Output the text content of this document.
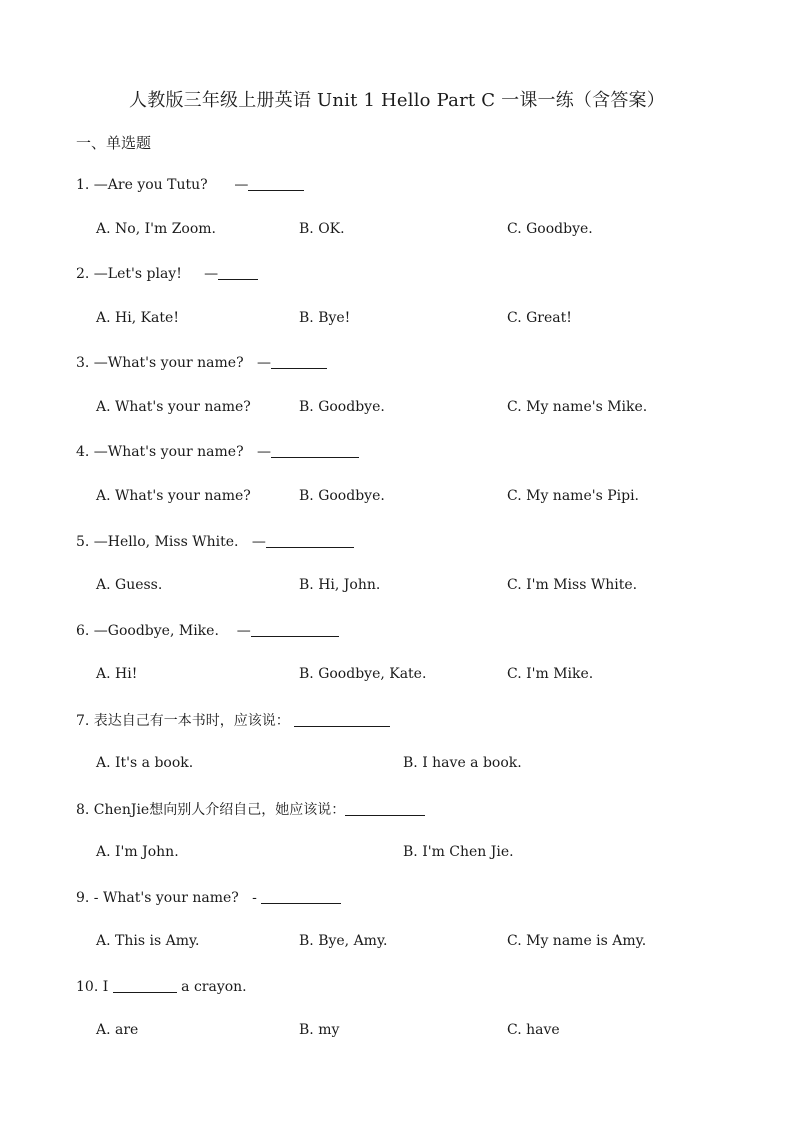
人教版三年级上册英语 Unit 1 Hello Part C 一课一练（含答案）
一、单选题
1. —Are you Tutu?      —
A. No, I'm Zoom.	B. OK.	C. Goodbye.
2. —Let's play!     —
A. Hi, Kate!	B. Bye!	C. Great!
3. —What's your name?   —
A. What's your name?	B. Goodbye.	C. My name's Mike.
4. —What's your name?   —
A. What's your name?	B. Goodbye.	C. My name's Pipi.
5. —Hello, Miss White.   —
A. Guess.	B. Hi, John.	C. I'm Miss White.
6. —Goodbye, Mike.    —
A. Hi!	B. Goodbye, Kate.	C. I'm Mike.
7. 表达自己有一本书时，应该说：
A. It's a book.	B. I have a book.
8. ChenJie想向别人介绍自己，她应该说：
A. I'm John.	B. I'm Chen Jie.
9. - What's your name?   -
A. This is Amy.	B. Bye, Amy.	C. My name is Amy.
10. I	a crayon.
A. are	B. my	C. have
